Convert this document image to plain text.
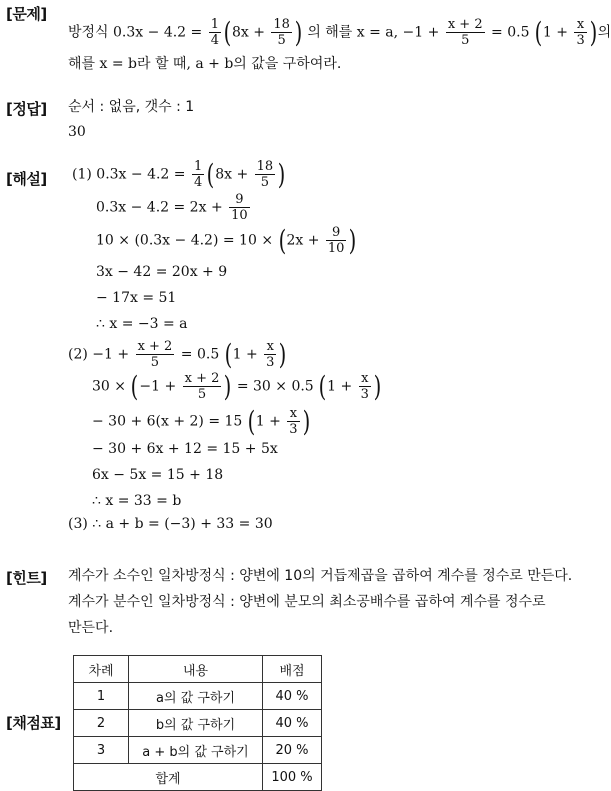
[문제]
[정답]
[해설]
[힌트]
[채점표]
방정식 $0.3x - 4.2 = \frac{1}{4} (8x + \frac{18}{5}$ ) 의 해를 x = a, $-1 + \frac{x + 2}{5} = 0.5$ ($1 + \frac{x}{3}$ )의
해를 x = b라 할 때, a + b의 값을 구하여라.
순서 : 없음, 갯수 : 1
30
(1) $0.3x - 4.2 = \frac{1}{4} (8x + \frac{18}{5}$ )
$0.3x - 4.2 = 2x + \frac{9}{10}$
$10 \times (0.3x - 4.2) = 10 \times (2x + \frac{9}{10}$ )
3x − 42 = 20x + 9
− 17x = 51
∴ x = −3 = a
$(2) -1 + \frac{x + 2}{5} = 0.5$ ($1 + \frac{x}{3}$ )
$30 \times (-1 + \frac{x + 2}{5}$ ) = 30 × 0.5 ($1 + \frac{x}{3}$ )
− 30 + 6(x + 2) = 15 ($1 + \frac{x}{3}$ )
− 30 + 6x + 12 = 15 + 5x
6x − 5x = 15 + 18
∴ x = 33 = b
(3) ∴ a + b = (−3) + 33 = 30
계수가 소수인 일차방정식 : 양변에 10의 거듭제곱을 곱하여 계수를 정수로 만든다.
계수가 분수인 일차방정식 : 양변에 분모의 최소공배수를 곱하여 계수를 정수로
만든다.
차례	내용	배점
1	a의 값 구하기	40 %
2	b의 값 구하기	40 %
3	a + b의 값 구하기	20 %
합계		100 %
